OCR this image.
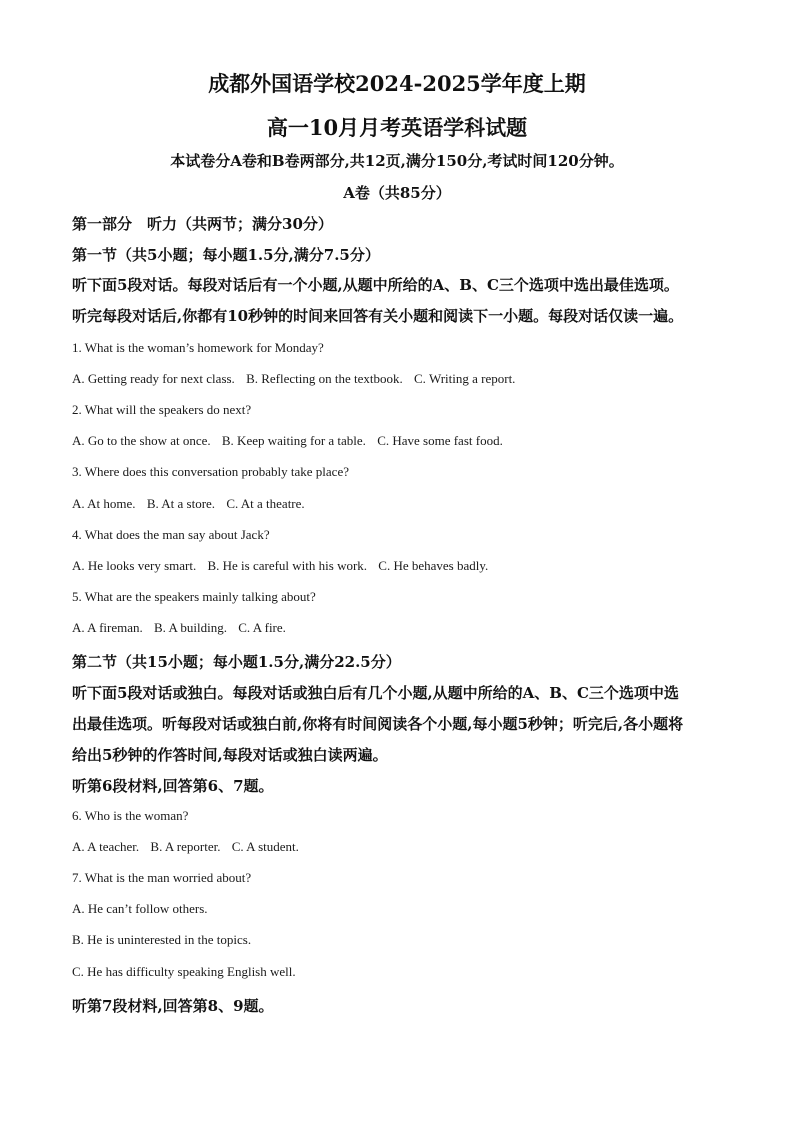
成都外国语学校2024-2025学年度上期
高一10月月考英语学科试题
本试卷分A卷和B卷两部分,共12页,满分150分,考试时间120分钟。
A卷（共85分）
第一部分　听力（共两节；满分30分）
第一节（共5小题；每小题1.5分,满分7.5分）
听下面5段对话。每段对话后有一个小题,从题中所给的A、B、C三个选项中选出最佳选项。
听完每段对话后,你都有10秒钟的时间来回答有关小题和阅读下一小题。每段对话仅读一遍。
1. What is the woman’s homework for Monday?
A. Getting ready for next class. B. Reflecting on the textbook. C. Writing a report.
2. What will the speakers do next?
A. Go to the show at once. B. Keep waiting for a table. C. Have some fast food.
3. Where does this conversation probably take place?
A. At home. B. At a store. C. At a theatre.
4. What does the man say about Jack?
A. He looks very smart. B. He is careful with his work. C. He behaves badly.
5. What are the speakers mainly talking about?
A. A fireman. B. A building. C. A fire.
第二节（共15小题；每小题1.5分,满分22.5分）
听下面5段对话或独白。每段对话或独白后有几个小题,从题中所给的A、B、C三个选项中选
出最佳选项。听每段对话或独白前,你将有时间阅读各个小题,每小题5秒钟；听完后,各小题将
给出5秒钟的作答时间,每段对话或独白读两遍。
听第6段材料,回答第6、7题。
6. Who is the woman?
A. A teacher. B. A reporter. C. A student.
7. What is the man worried about?
A. He can’t follow others.
B. He is uninterested in the topics.
C. He has difficulty speaking English well.
听第7段材料,回答第8、9题。
